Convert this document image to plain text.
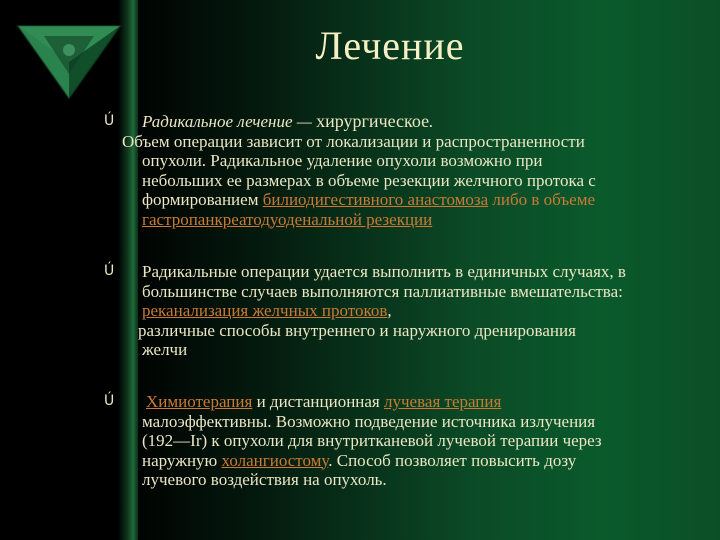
Лечение
Ú	Радикальное лечение — хирургическое.
Объем операции зависит от локализации и распространенности
опухоли. Радикальное удаление опухоли возможно при
небольших ее размерах в объеме резекции желчного протока с
формированием билиодигестивного анастомоза либо в объеме
гастропанкреатодуоденальной резекции
Ú	Радикальные операции удается выполнить в единичных случаях, в
большинстве случаев выполняются паллиативные вмешательства:
реканализация желчных протоков,
различные способы внутреннего и наружного дренирования
желчи
Ú	Химиотерапия и дистанционная лучевая терапия
малоэффективны. Возможно подведение источника излучения
(192—Ir) к опухоли для внутритканевой лучевой терапии через
наружную холангиостому. Способ позволяет повысить дозу
лучевого воздействия на опухоль.
